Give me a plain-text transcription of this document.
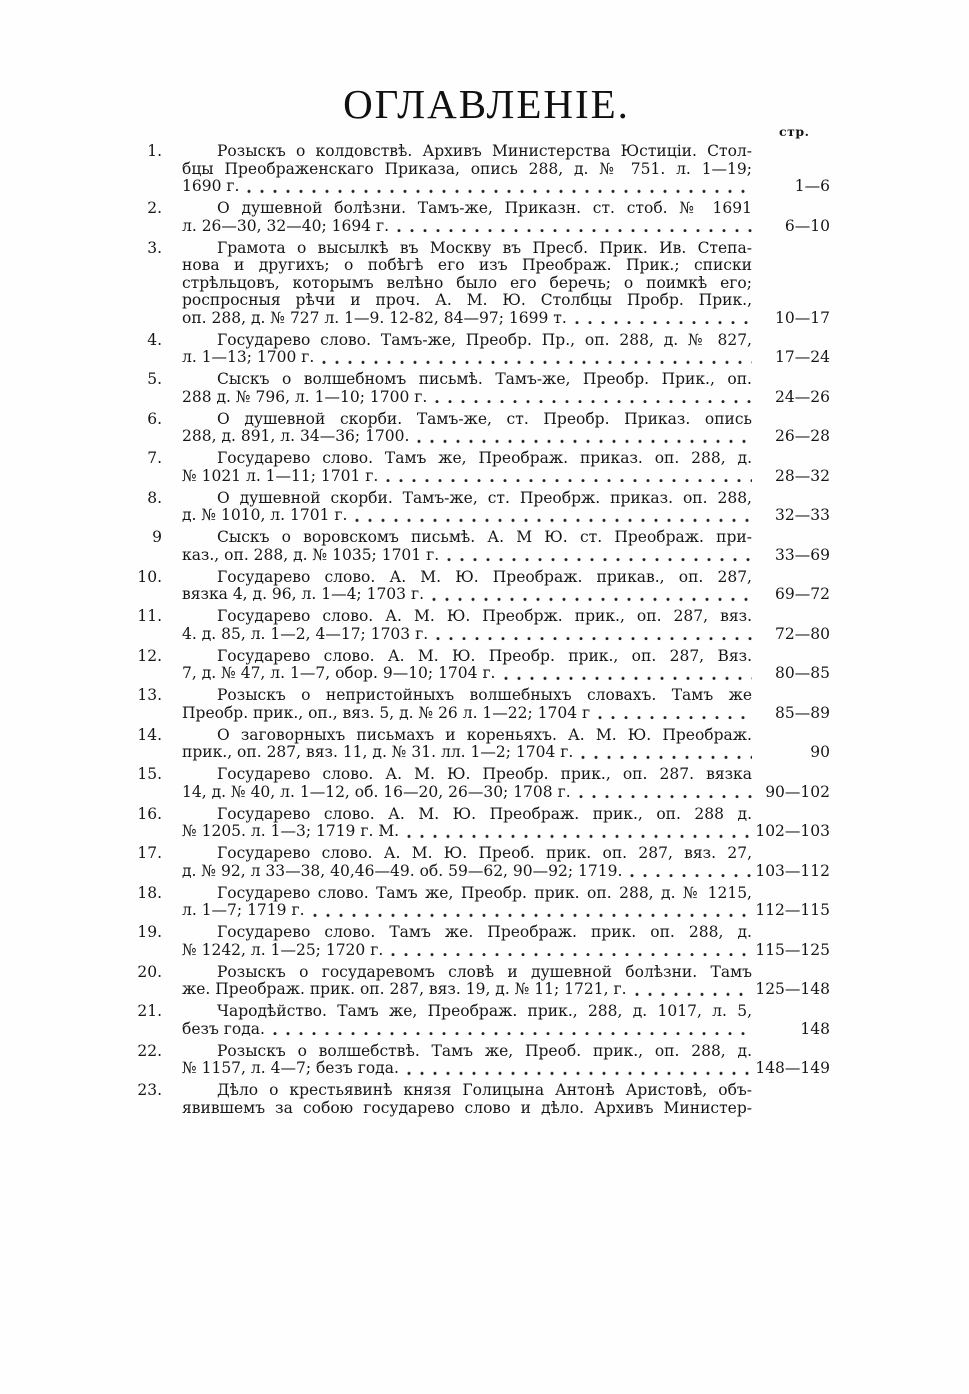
ОГЛАВЛЕНІЕ.
стр.
1.	Розыскъ о колдовствѣ. Архивъ Министерства Юстиціи. Стол-
бцы Преображенскаго Приказа, опись 288, д. № 751. л. 1—19;
1690 г.	1—6
2.	О душевной болѣзни. Тамъ-же, Приказн. ст. стоб. № 1691
л. 26—30, 32—40; 1694 г.	6—10
3.	Грамота о высылкѣ въ Москву въ Пресб. Прик. Ив. Степа-
нова и другихъ; о побѣгѣ его изъ Преображ. Прик.; списки
стрѣльцовъ, которымъ велѣно было его беречь; о поимкѣ его;
роспросныя рѣчи и проч. А. М. Ю. Столбцы Пробр. Прик.,
оп. 288, д. № 727 л. 1—9. 12-82, 84—97; 1699 т.	10—17
4.	Государево слово. Тамъ-же, Преобр. Пр., оп. 288, д. № 827,
л. 1—13; 1700 г.	17—24
5.	Сыскъ о волшебномъ письмѣ. Тамъ-же, Преобр. Прик., оп.
288 д. № 796, л. 1—10; 1700 г.	24—26
6.	О душевной скорби. Тамъ-же, ст. Преобр. Приказ. опись
288, д. 891, л. 34—36; 1700.	26—28
7.	Государево слово. Тамъ же, Преображ. приказ. оп. 288, д.
№ 1021 л. 1—11; 1701 г.	28—32
8.	О душевной скорби. Тамъ-же, ст. Преобрж. приказ. оп. 288,
д. № 1010, л. 1701 г.	32—33
9	Сыскъ о воровскомъ письмѣ. А. М Ю. ст. Преображ. при-
каз., оп. 288, д. № 1035; 1701 г.	33—69
10.	Государево слово. А. М. Ю. Преображ. прикав., оп. 287,
вязка 4, д. 96, л. 1—4; 1703 г.	69—72
11.	Государево слово. А. М. Ю. Преобрж. прик., оп. 287, вяз.
4. д. 85, л. 1—2, 4—17; 1703 г.	72—80
12.	Государево слово. А. М. Ю. Преобр. прик., оп. 287, Вяз.
7, д. № 47, л. 1—7, обор. 9—10; 1704 г.	80—85
13.	Розыскъ о непристойныхъ волшебныхъ словахъ. Тамъ же
Преобр. прик., оп., вяз. 5, д. № 26 л. 1—22; 1704 г	85—89
14.	О заговорныхъ письмахъ и кореньяхъ. А. М. Ю. Преображ.
прик., оп. 287, вяз. 11, д. № 31. лл. 1—2; 1704 г.	90
15.	Государево слово. А. М. Ю. Преобр. прик., оп. 287. вязка
14, д. № 40, л. 1—12, об. 16—20, 26—30; 1708 г.	90—102
16.	Государево слово. А. М. Ю. Преображ. прик., оп. 288 д.
№ 1205. л. 1—3; 1719 г. М.	102—103
17.	Государево слово. А. М. Ю. Преоб. прик. оп. 287, вяз. 27,
д. № 92, л 33—38, 40,46—49. об. 59—62, 90—92; 1719.	103—112
18.	Государево слово. Тамъ же, Преобр. прик. оп. 288, д. № 1215,
л. 1—7; 1719 г.	112—115
19.	Государево слово. Тамъ же. Преображ. прик. оп. 288, д.
№ 1242, л. 1—25; 1720 г.	115—125
20.	Розыскъ о государевомъ словѣ и душевной болѣзни. Тамъ
же. Преображ. прик. оп. 287, вяз. 19, д. № 11; 1721, г.	125—148
21.	Чародѣйство. Тамъ же, Преображ. прик., 288, д. 1017, л. 5,
безъ года.	148
22.	Розыскъ о волшебствѣ. Тамъ же, Преоб. прик., оп. 288, д.
№ 1157, л. 4—7; безъ года.	148—149
23.	Дѣло о крестьявинѣ князя Голицына Антонѣ Аристовѣ, объ-
явившемъ за собою государево слово и дѣло. Архивъ Министер-
